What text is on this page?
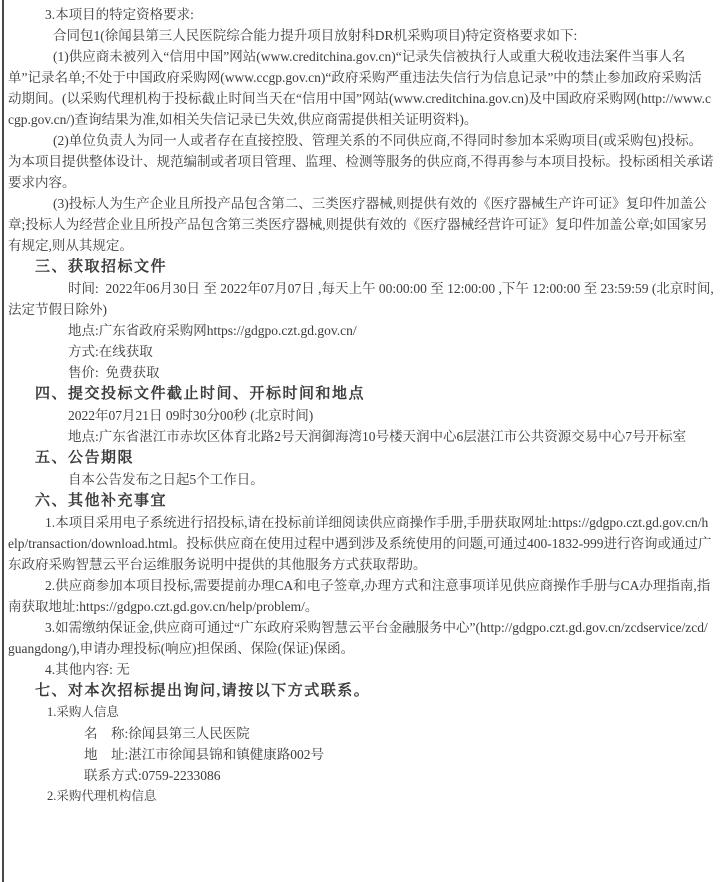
3.本项目的特定资格要求:

合同包1(徐闻县第三人民医院综合能力提升项目放射科DR机采购项目)特定资格要求如下:

(1)供应商未被列入“信用中国”网站(www.creditchina.gov.cn)“记录失信被执行人或重大税收违法案件当事人名单”记录名单;不处于中国政府采购网(www.ccgp.gov.cn)“政府采购严重违法失信行为信息记录”中的禁止参加政府采购活动期间。(以采购代理机构于投标截止时间当天在“信用中国”网站(www.creditchina.gov.cn)及中国政府采购网(http://www.ccgp.gov.cn/)查询结果为准,如相关失信记录已失效,供应商需提供相关证明资料)。

(2)单位负责人为同一人或者存在直接控股、管理关系的不同供应商,不得同时参加本采购项目(或采购包)投标。为本项目提供整体设计、规范编制或者项目管理、监理、检测等服务的供应商,不得再参与本项目投标。投标函相关承诺要求内容。

(3)投标人为生产企业且所投产品包含第二、三类医疗器械,则提供有效的《医疗器械生产许可证》复印件加盖公章;投标人为经营企业且所投产品包含第三类医疗器械,则提供有效的《医疗器械经营许可证》复印件加盖公章;如国家另有规定,则从其规定。

三、获取招标文件

时间:  2022年06月30日 至 2022年07月07日 ,每天上午 00:00:00 至 12:00:00 ,下午 12:00:00 至 23:59:59 (北京时间,法定节假日除外)

地点:广东省政府采购网https://gdgpo.czt.gd.gov.cn/

方式:在线获取

售价:  免费获取

四、提交投标文件截止时间、开标时间和地点

2022年07月21日 09时30分00秒 (北京时间)

地点:广东省湛江市赤坎区体育北路2号天润御海湾10号楼天润中心6层湛江市公共资源交易中心7号开标室

五、公告期限

自本公告发布之日起5个工作日。

六、其他补充事宜

1.本项目采用电子系统进行招投标,请在投标前详细阅读供应商操作手册,手册获取网址:https://gdgpo.czt.gd.gov.cn/help/transaction/download.html。投标供应商在使用过程中遇到涉及系统使用的问题,可通过400-1832-999进行咨询或通过广东政府采购智慧云平台运维服务说明中提供的其他服务方式获取帮助。

2.供应商参加本项目投标,需要提前办理CA和电子签章,办理方式和注意事项详见供应商操作手册与CA办理指南,指南获取地址:https://gdgpo.czt.gd.gov.cn/help/problem/。

3.如需缴纳保证金,供应商可通过“广东政府采购智慧云平台金融服务中心”(http://gdgpo.czt.gd.gov.cn/zcdservice/zcd/guangdong/),申请办理投标(响应)担保函、保险(保证)保函。

4.其他内容: 无

七、对本次招标提出询问,请按以下方式联系。

1.采购人信息

名　称:徐闻县第三人民医院

地　址:湛江市徐闻县锦和镇健康路002号

联系方式:0759-2233086

2.采购代理机构信息
